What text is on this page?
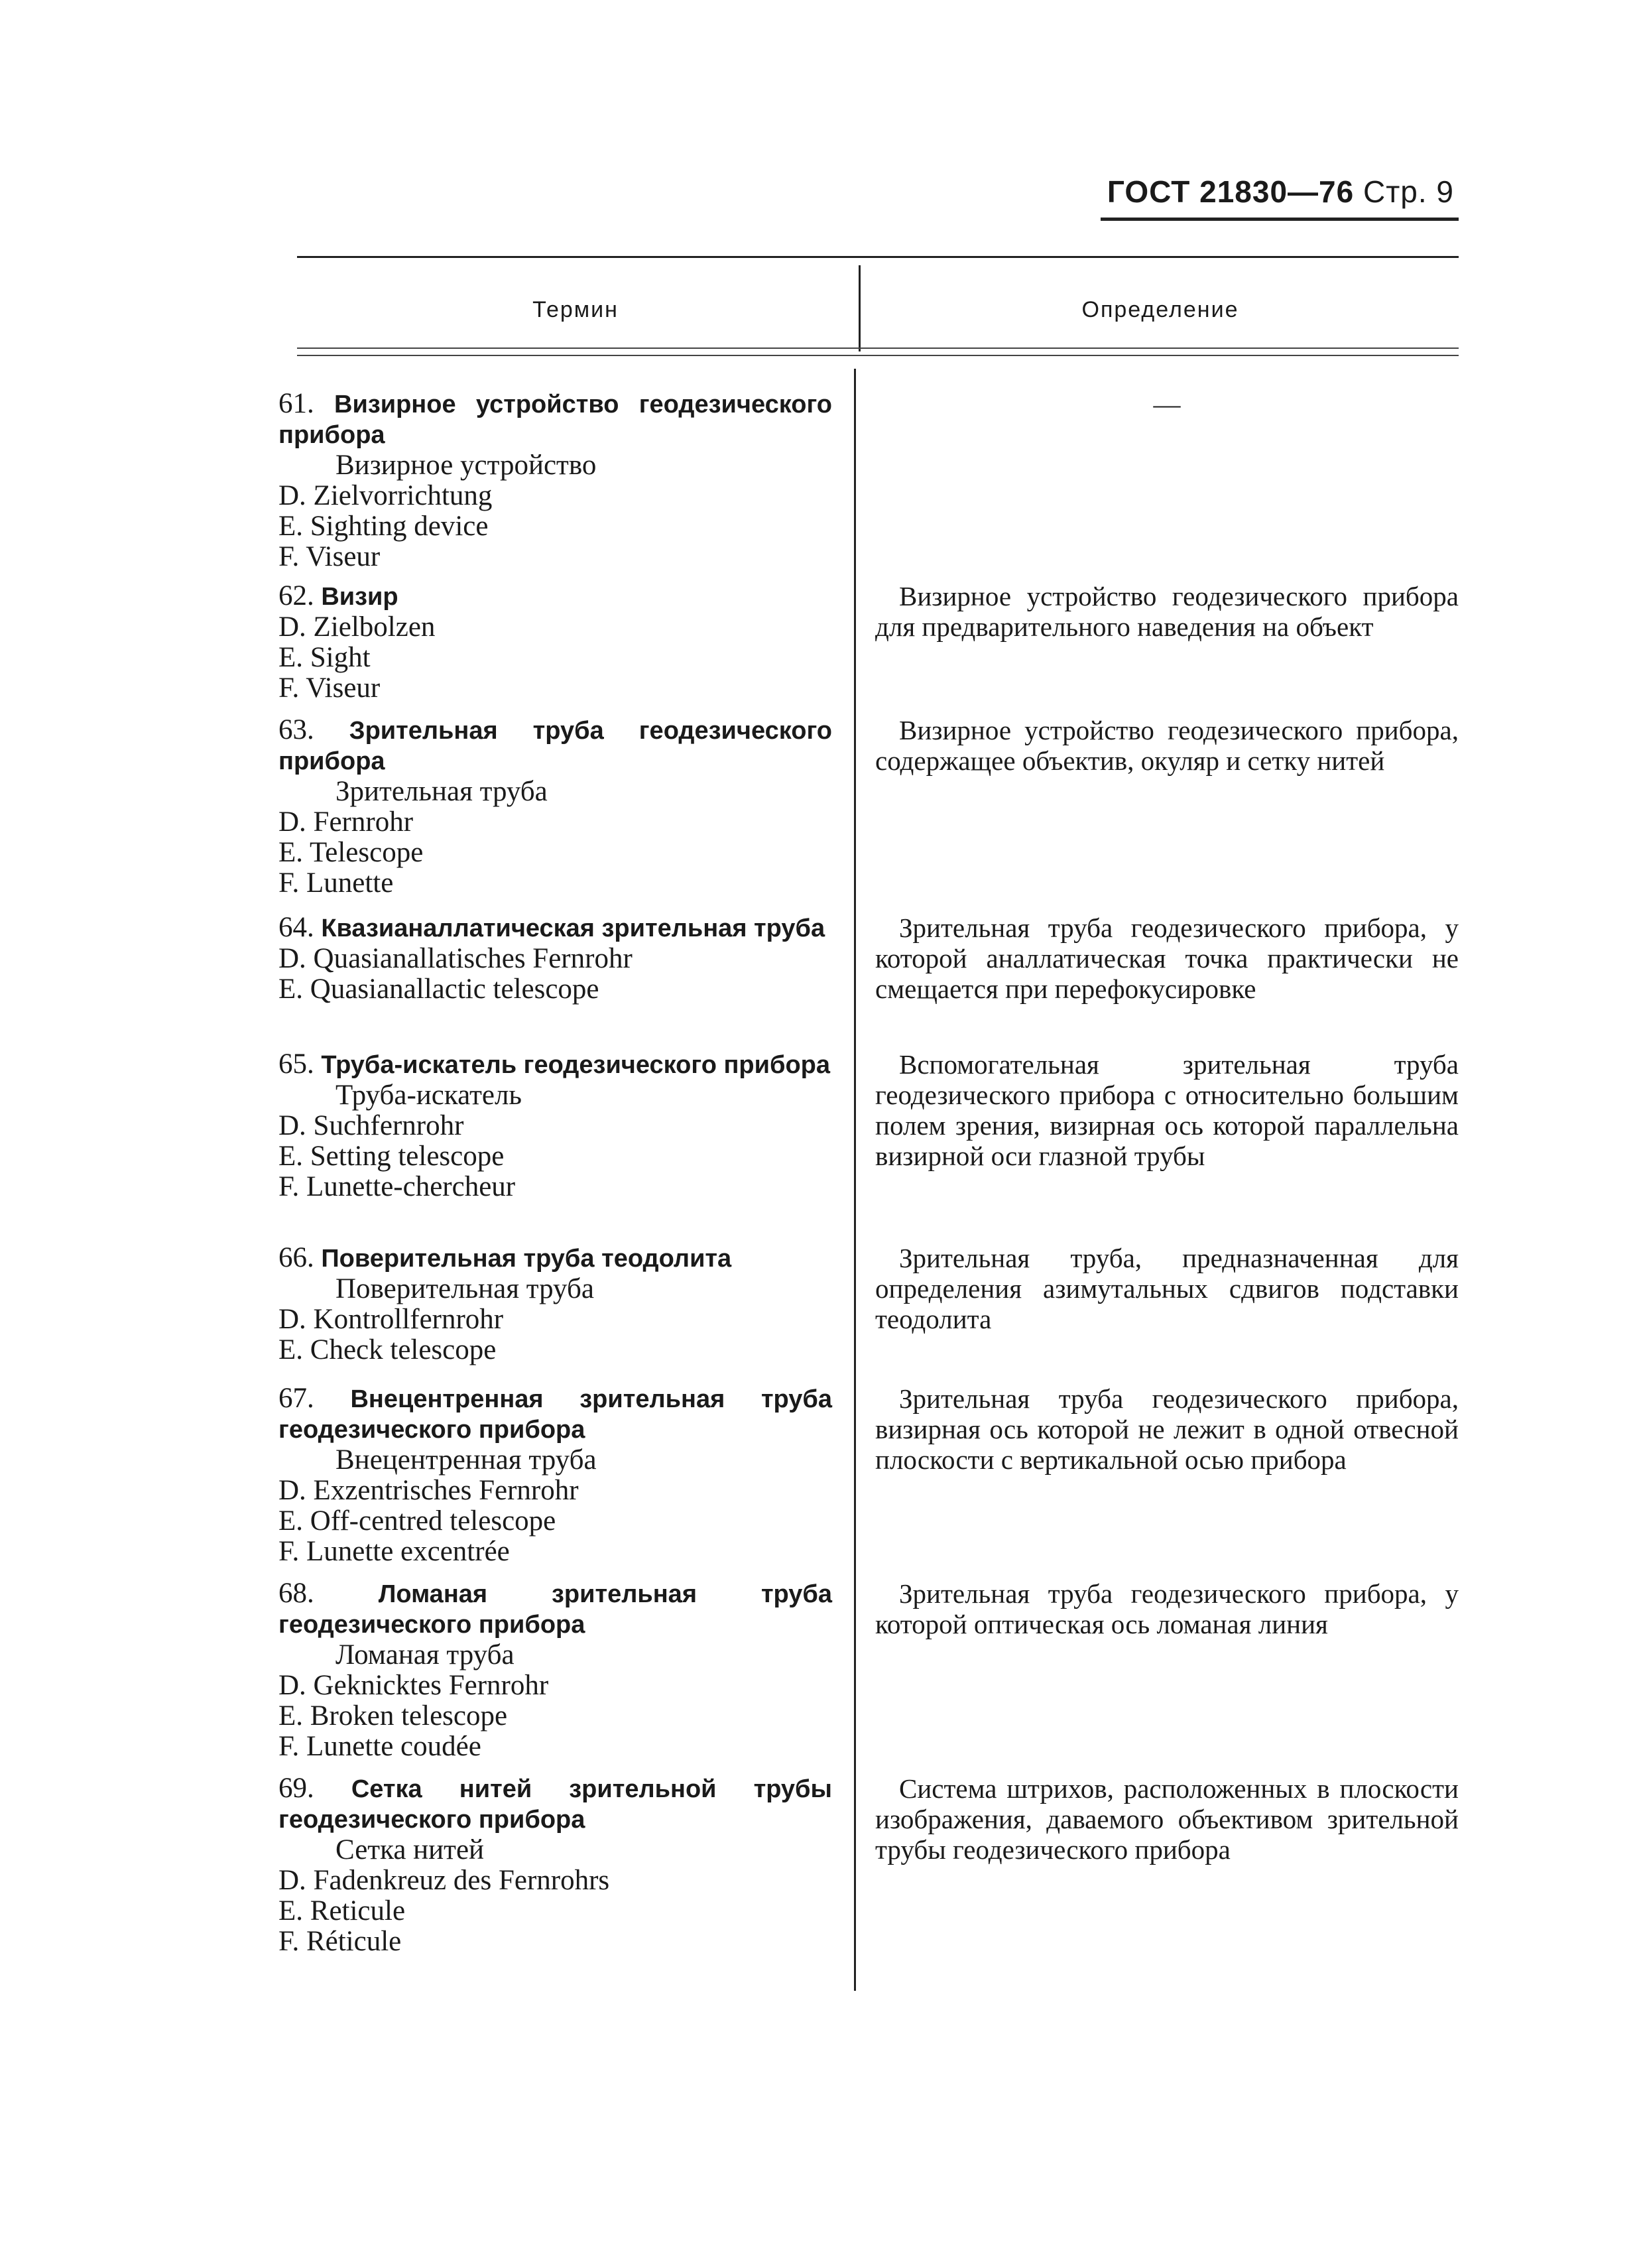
ГОСТ 21830—76 Стр. 9
Термин	Определение
61. Визирное устройство геодезического прибора
Визирное устройство
D. Zielvorrichtung
E. Sighting device
F. Viseur
—
62. Визир
D. Zielbolzen
E. Sight
F. Viseur
Визирное устройство геодезического прибора для предварительного наведения на объект
63. Зрительная труба геодезического прибора
Зрительная труба
D. Fernrohr
E. Telescope
F. Lunette
Визирное устройство геодезического прибора, содержащее объектив, окуляр и сетку нитей
64. Квазианаллатическая зрительная труба
D. Quasianallatisches Fernrohr
E. Quasianallactic telescope
Зрительная труба геодезического прибора, у которой аналлатическая точка практически не смещается при перефокусировке
65. Труба-искатель геодезического прибора
Труба-искатель
D. Suchfernrohr
E. Setting telescope
F. Lunette-chercheur
Вспомогательная зрительная труба геодезического прибора с относительно большим полем зрения, визирная ось которой параллельна визирной оси глазной трубы
66. Поверительная труба теодолита
Поверительная труба
D. Kontrollfernrohr
E. Check telescope
Зрительная труба, предназначенная для определения азимутальных сдвигов подставки теодолита
67. Внецентренная зрительная труба геодезического прибора
Внецентренная труба
D. Exzentrisches Fernrohr
E. Off-centred telescope
F. Lunette excentrée
Зрительная труба геодезического прибора, визирная ось которой не лежит в одной отвесной плоскости с вертикальной осью прибора
68.	Ломаная зрительная труба геодезического прибора
Ломаная труба
D. Geknicktes Fernrohr
E. Broken telescope
F. Lunette coudée
Зрительная труба геодезического прибора, у которой оптическая ось ломаная линия
69. Сетка нитей зрительной трубы геодезического прибора
Сетка нитей
D. Fadenkreuz des Fernrohrs
E. Reticule
F. Réticule
Система штрихов, расположенных в плоскости изображения, даваемого объективом зрительной трубы геодезического прибора
